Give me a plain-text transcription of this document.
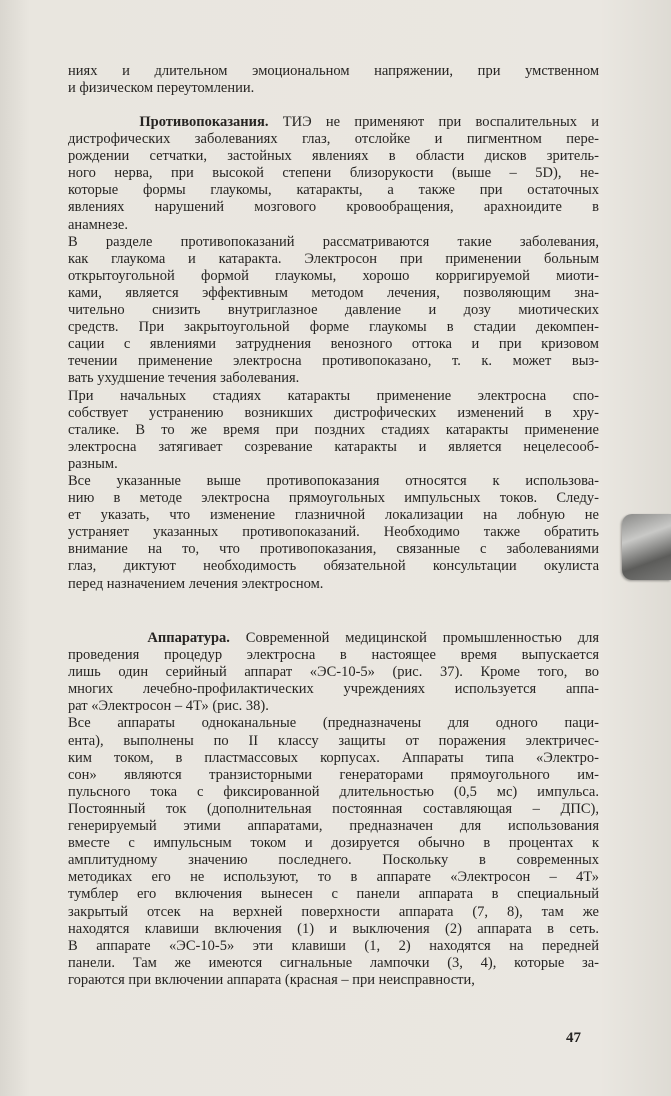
ниях и длительном эмоциональном напряжении, при умственном
и физическом переутомлении.
Противопоказания. ТИЭ не применяют при воспалительных и
дистрофических заболеваниях глаз, отслойке и пигментном пере-
рождении сетчатки, застойных явлениях в области дисков зритель-
ного нерва, при высокой степени близорукости (выше – 5D), не-
которые формы глаукомы, катаракты, а также при остаточных
явлениях нарушений мозгового кровообращения, арахноидите в
анамнезе.
В разделе противопоказаний рассматриваются такие заболевания,
как глаукома и катаракта. Электросон при применении больным
открытоугольной формой глаукомы, хорошо корригируемой миоти-
ками, является эффективным методом лечения, позволяющим зна-
чительно снизить внутриглазное давление и дозу миотических
средств. При закрытоугольной форме глаукомы в стадии декомпен-
сации с явлениями затруднения венозного оттока и при кризовом
течении применение электросна противопоказано, т. к. может выз-
вать ухудшение течения заболевания.
При начальных стадиях катаракты применение электросна спо-
собствует устранению возникших дистрофических изменений в хру-
сталике. В то же время при поздних стадиях катаракты применение
электросна затягивает созревание катаракты и является нецелесооб-
разным.
Все указанные выше противопоказания относятся к использова-
нию в методе электросна прямоугольных импульсных токов. Следу-
ет указать, что изменение глазничной локализации на лобную не
устраняет указанных противопоказаний. Необходимо также обратить
внимание на то, что противопоказания, связанные с заболеваниями
глаз, диктуют необходимость обязательной консультации окулиста
перед назначением лечения электросном.
Аппаратура. Современной медицинской промышленностью для
проведения процедур электросна в настоящее время выпускается
лишь один серийный аппарат «ЭС-10-5» (рис. 37). Кроме того, во
многих лечебно-профилактических учреждениях используется аппа-
рат «Электросон – 4Т» (рис. 38).
Все аппараты одноканальные (предназначены для одного паци-
ента), выполнены по II классу защиты от поражения электричес-
ким током, в пластмассовых корпусах. Аппараты типа «Электро-
сон» являются транзисторными генераторами прямоугольного им-
пульсного тока с фиксированной длительностью (0,5 мс) импульса.
Постоянный ток (дополнительная постоянная составляющая – ДПС),
генерируемый этими аппаратами, предназначен для использования
вместе с импульсным током и дозируется обычно в процентах к
амплитудному значению последнего. Поскольку в современных
методиках его не используют, то в аппарате «Электросон – 4Т»
тумблер его включения вынесен с панели аппарата в специальный
закрытый отсек на верхней поверхности аппарата (7, 8), там же
находятся клавиши включения (1) и выключения (2) аппарата в сеть.
В аппарате «ЭС-10-5» эти клавиши (1, 2) находятся на передней
панели. Там же имеются сигнальные лампочки (3, 4), которые за-
гораются при включении аппарата (красная – при неисправности,
47
